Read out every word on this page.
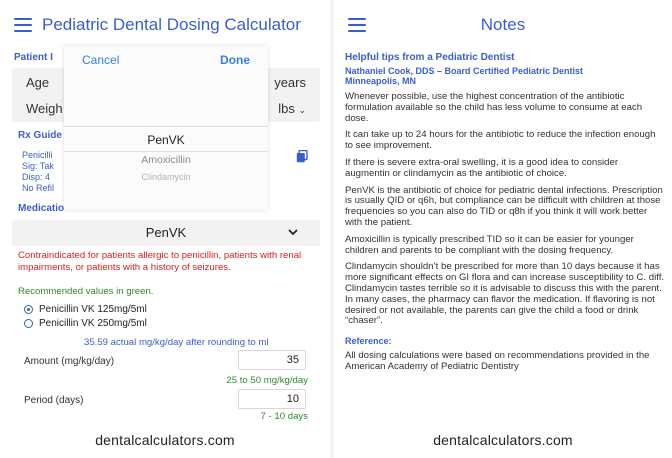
Pediatric Dental Dosing Calculator
Patient I
Age	years
Weigh	lbs ⌄
Rx Guide
Penicilli
Sig: Tak
Disp: 4
No Refil
Medicatio
PenVK
Contraindicated for patients allergic to penicillin, patients with renal impairments, or patients with a history of seizures.
Recommended values in green.
Penicillin VK 125mg/5ml
Penicillin VK 250mg/5ml
35.59 actual mg/kg/day after rounding to ml
Amount (mg/kg/day)	35
25 to 50 mg/kg/day
Period (days)	10
7 - 10 days
dentalcalculators.com
Cancel	Done
PenVK
Amoxicillin
Clindamycin
Notes
Helpful tips from a Pediatric Dentist
Nathaniel Cook, DDS – Board Certified Pediatric Dentist
Minneapolis, MN
Whenever possible, use the highest concentration of the antibiotic formulation available so the child has less volume to consume at each dose.
It can take up to 24 hours for the antibiotic to reduce the infection enough to see improvement.
If there is severe extra-oral swelling, it is a good idea to consider augmentin or clindamycin as the antibiotic of choice.
PenVK is the antibiotic of choice for pediatric dental infections. Prescription is usually QID or q6h, but compliance can be difficult with children at those frequencies so you can also do TID or q8h if you think it will work better with the patient.
Amoxicillin is typically prescribed TID so it can be easier for younger children and parents to be compliant with the dosing frequency.
Clindamycin shouldn’t be prescribed for more than 10 days because it has more significant effects on GI flora and can increase susceptibility to C. diff. Clindamycin tastes terrible so it is advisable to discuss this with the parent. In many cases, the pharmacy can flavor the medication. If flavoring is not desired or not available, the parents can give the child a food or drink “chaser”.
Reference:
All dosing calculations were based on recommendations provided in the American Academy of Pediatric Dentistry
dentalcalculators.com
